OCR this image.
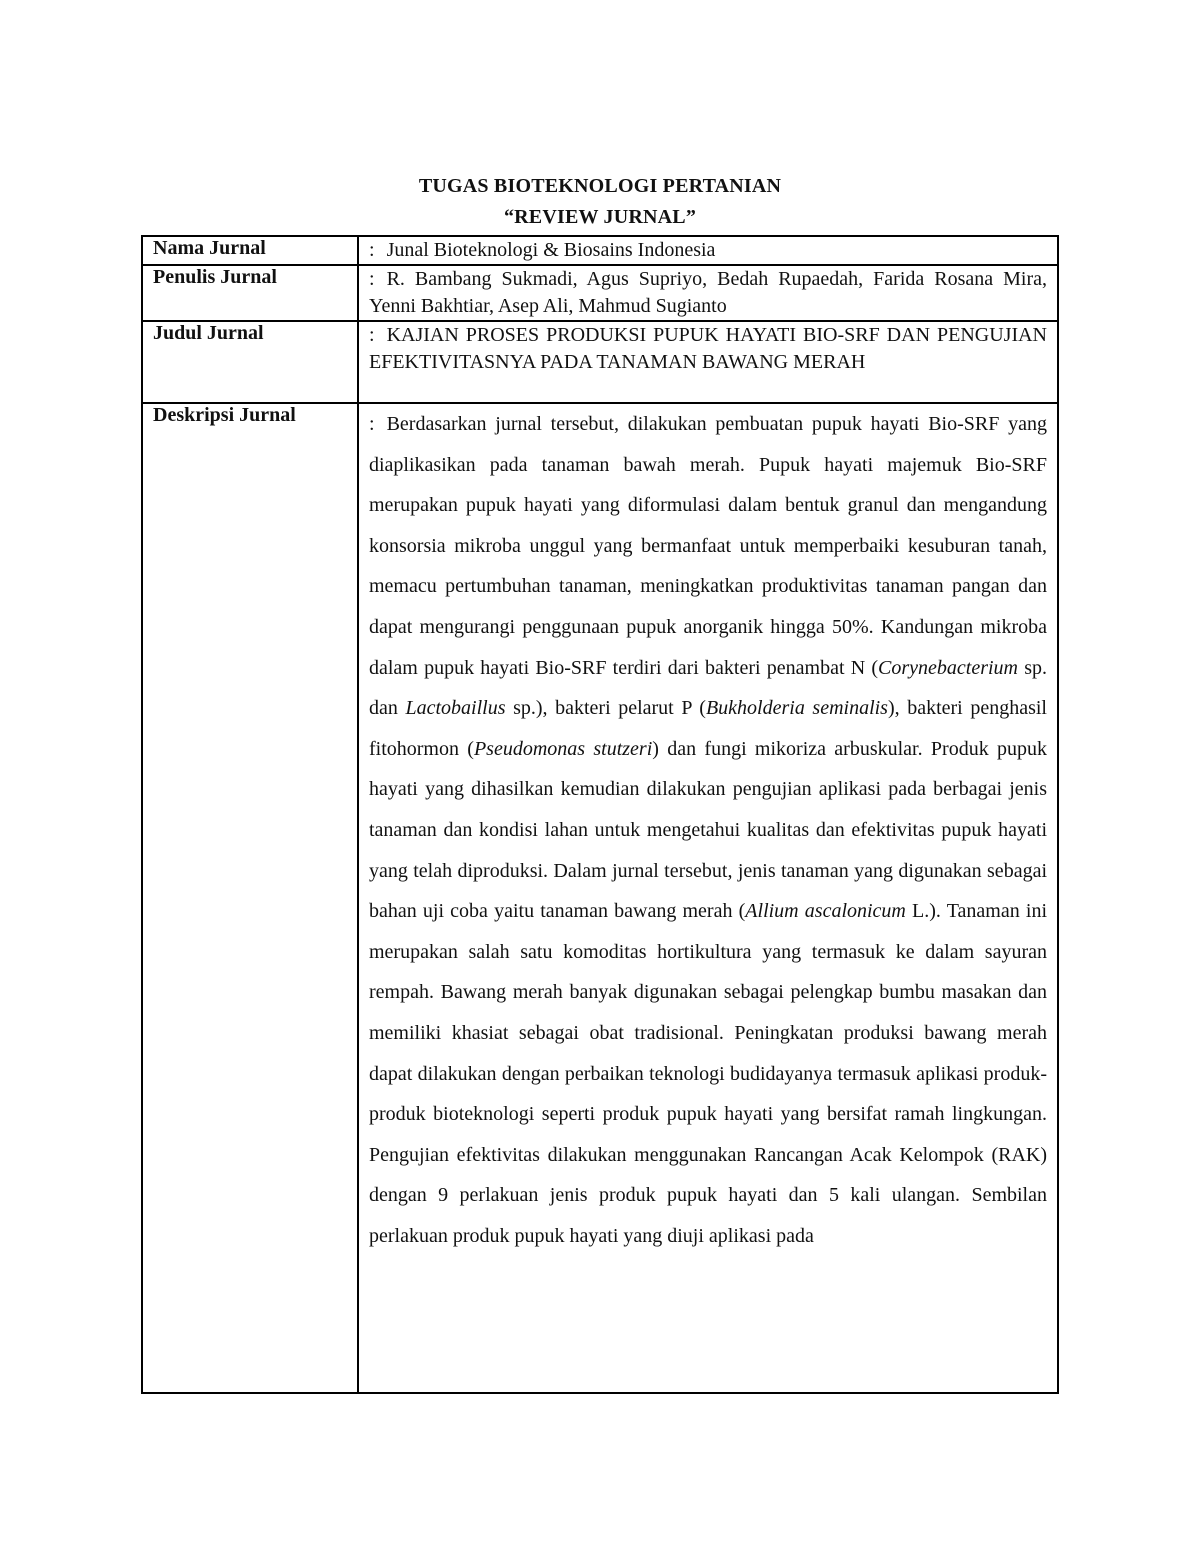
TUGAS BIOTEKNOLOGI PERTANIAN
“REVIEW JURNAL”
Nama Jurnal	: Junal Bioteknologi & Biosains Indonesia
Penulis Jurnal	: R. Bambang Sukmadi, Agus Supriyo, Bedah Rupaedah, Farida Rosana Mira, Yenni Bakhtiar, Asep Ali, Mahmud Sugianto
Judul Jurnal	: KAJIAN PROSES PRODUKSI PUPUK HAYATI BIO-SRF DAN PENGUJIAN EFEKTIVITASNYA PADA TANAMAN BAWANG MERAH
Deskripsi Jurnal	: Berdasarkan jurnal tersebut, dilakukan pembuatan pupuk hayati Bio-SRF yang diaplikasikan pada tanaman bawah merah. Pupuk hayati majemuk Bio-SRF merupakan pupuk hayati yang diformulasi dalam bentuk granul dan mengandung konsorsia mikroba unggul yang bermanfaat untuk memperbaiki kesuburan tanah, memacu pertumbuhan tanaman, meningkatkan produktivitas tanaman pangan dan dapat mengurangi penggunaan pupuk anorganik hingga 50%. Kandungan mikroba dalam pupuk hayati Bio-SRF terdiri dari bakteri penambat N (Corynebacterium sp. dan Lactobaillus sp.), bakteri pelarut P (Bukholderia seminalis), bakteri penghasil fitohormon (Pseudomonas stutzeri) dan fungi mikoriza arbuskular. Produk pupuk hayati yang dihasilkan kemudian dilakukan pengujian aplikasi pada berbagai jenis tanaman dan kondisi lahan untuk mengetahui kualitas dan efektivitas pupuk hayati yang telah diproduksi. Dalam jurnal tersebut, jenis tanaman yang digunakan sebagai bahan uji coba yaitu tanaman bawang merah (Allium ascalonicum L.). Tanaman ini merupakan salah satu komoditas hortikultura yang termasuk ke dalam sayuran rempah. Bawang merah banyak digunakan sebagai pelengkap bumbu masakan dan memiliki khasiat sebagai obat tradisional. Peningkatan produksi bawang merah dapat dilakukan dengan perbaikan teknologi budidayanya termasuk aplikasi produk-produk bioteknologi seperti produk pupuk hayati yang bersifat ramah lingkungan. Pengujian efektivitas dilakukan menggunakan Rancangan Acak Kelompok (RAK) dengan 9 perlakuan jenis produk pupuk hayati dan 5 kali ulangan. Sembilan perlakuan produk pupuk hayati yang diuji aplikasi pada
